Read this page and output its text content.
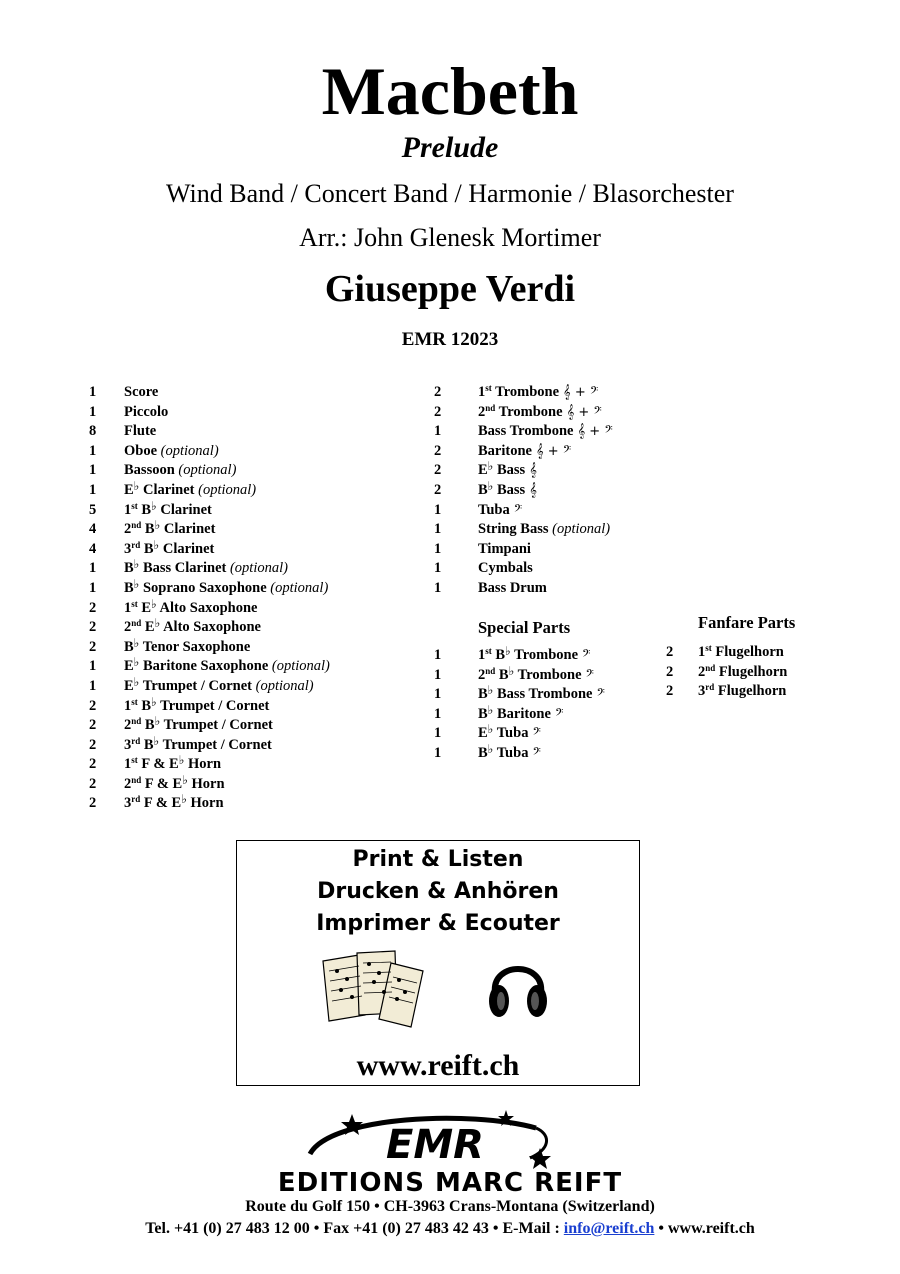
Macbeth
Prelude
Wind Band / Concert Band / Harmonie / Blasorchester
Arr.: John Glenesk Mortimer
Giuseppe Verdi
EMR 12023
1 Score
1 Piccolo
8 Flute
1 Oboe (optional)
1 Bassoon (optional)
1 E♭ Clarinet (optional)
5 1st B♭ Clarinet
4 2nd B♭ Clarinet
4 3rd B♭ Clarinet
1 B♭ Bass Clarinet (optional)
1 B♭ Soprano Saxophone (optional)
2 1st E♭ Alto Saxophone
2 2nd E♭ Alto Saxophone
2 B♭ Tenor Saxophone
1 E♭ Baritone Saxophone (optional)
1 E♭ Trumpet / Cornet (optional)
2 1st B♭ Trumpet / Cornet
2 2nd B♭ Trumpet / Cornet
2 3rd B♭ Trumpet / Cornet
2 1st F & E♭ Horn
2 2nd F & E♭ Horn
2 3rd F & E♭ Horn
2	1st Trombone 𝄞 + 𝄢
2	2nd Trombone 𝄞 + 𝄢
1	Bass Trombone 𝄞 + 𝄢
2	Baritone 𝄞 + 𝄢
2	E♭ Bass 𝄞
2	B♭ Bass 𝄞
1	Tuba 𝄢
1	String Bass (optional)
1	Timpani
1	Cymbals
1	Bass Drum
Special Parts
1	1st B♭ Trombone 𝄢
1	2nd B♭ Trombone 𝄢
1	B♭ Bass Trombone 𝄢
1	B♭ Baritone 𝄢
1	E♭ Tuba 𝄢
1	B♭ Tuba 𝄢
Fanfare Parts
2 1st Flugelhorn
2 2nd Flugelhorn
2 3rd Flugelhorn
Print & Listen
Drucken & Anhören
Imprimer & Ecouter
www.reift.ch
EMR
EDITIONS MARC REIFT
Route du Golf 150 • CH-3963 Crans-Montana (Switzerland)
Tel. +41 (0) 27 483 12 00 • Fax +41 (0) 27 483 42 43 • E-Mail : info@reift.ch • www.reift.ch
